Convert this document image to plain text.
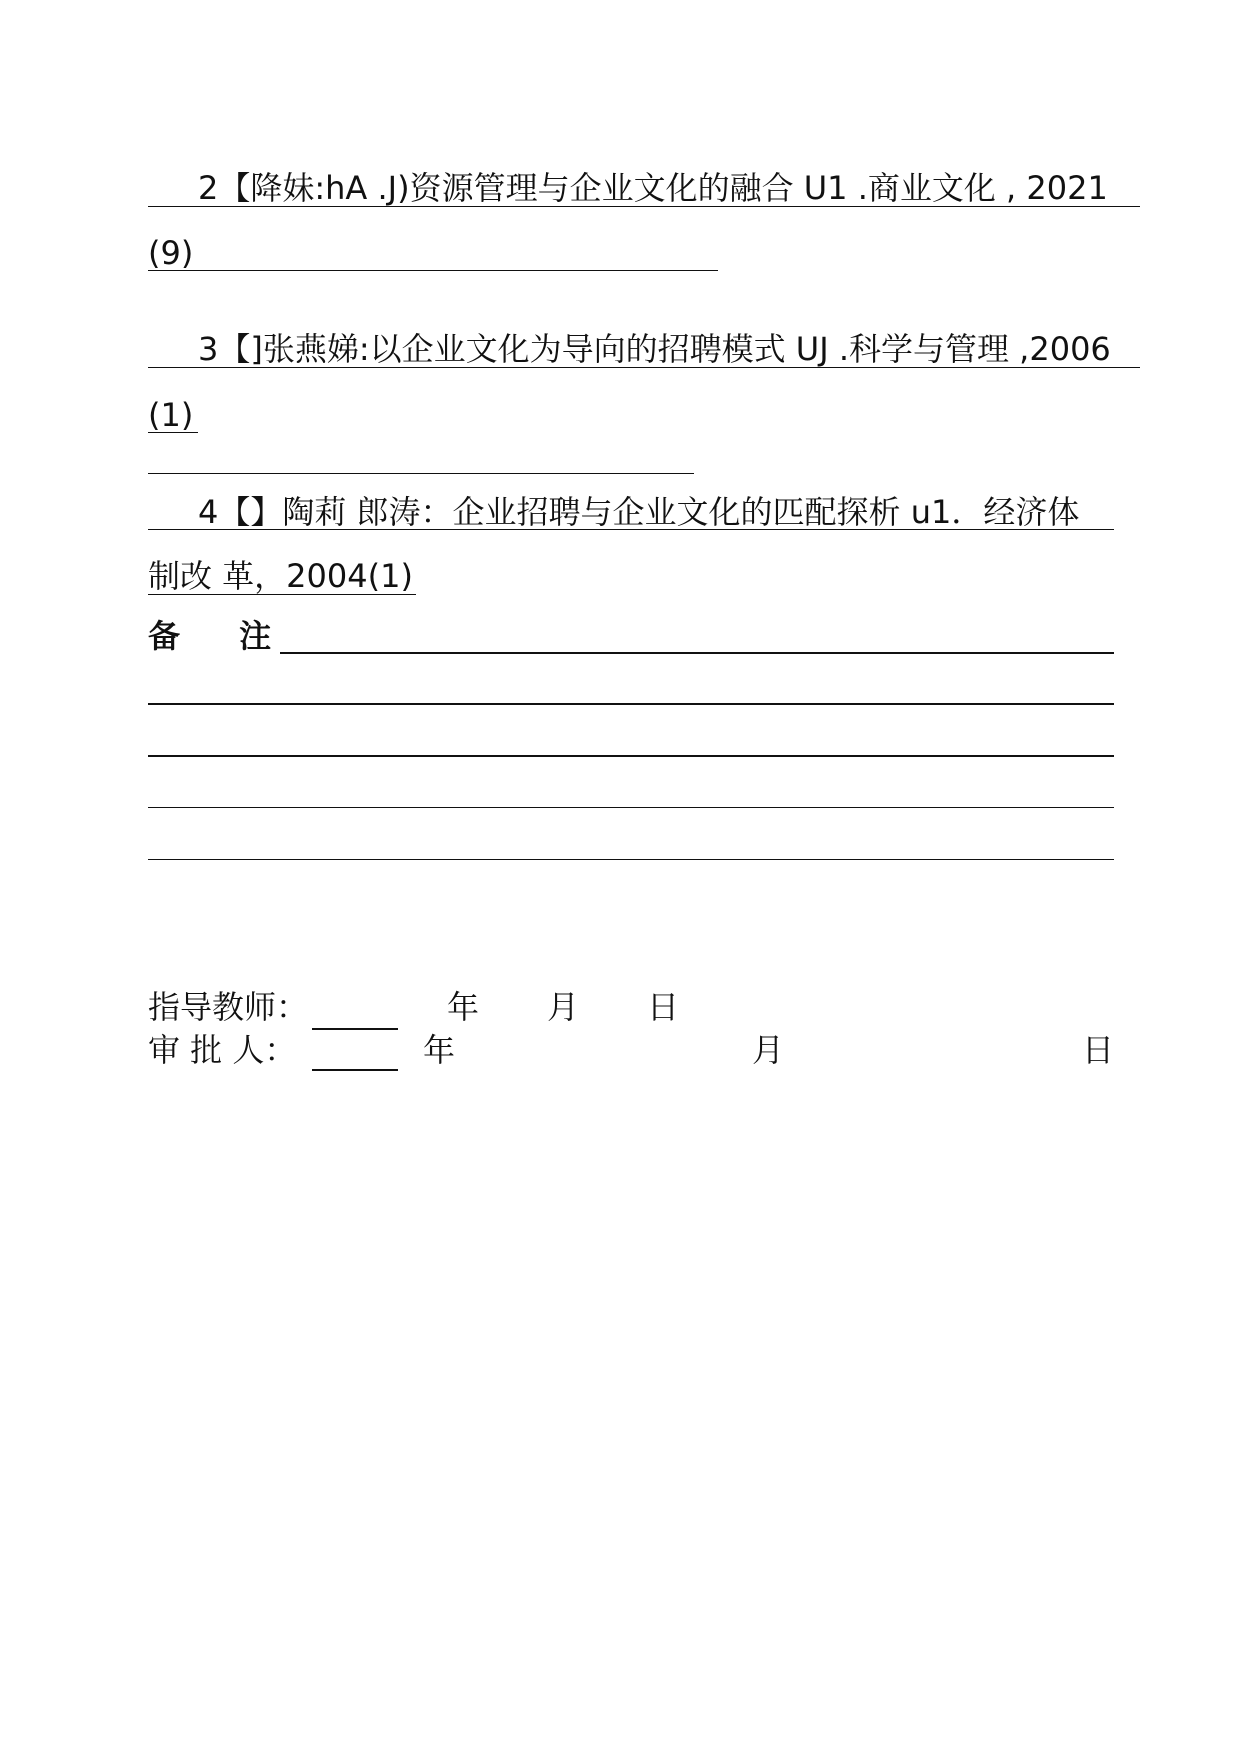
2【降妹:hA .J)资源管理与企业文化的融合 U1 .商业文化 , 2021
(9)
3【]张燕娣:以企业文化为导向的招聘模式 UJ .科学与管理 ,2006
(1)
4【】陶莉 郎涛：企业招聘与企业文化的匹配探析 u1．经济体
制改 革，2004(1)
备 注
指导教师：	年 月 日
审 批 人：	年	月	日
